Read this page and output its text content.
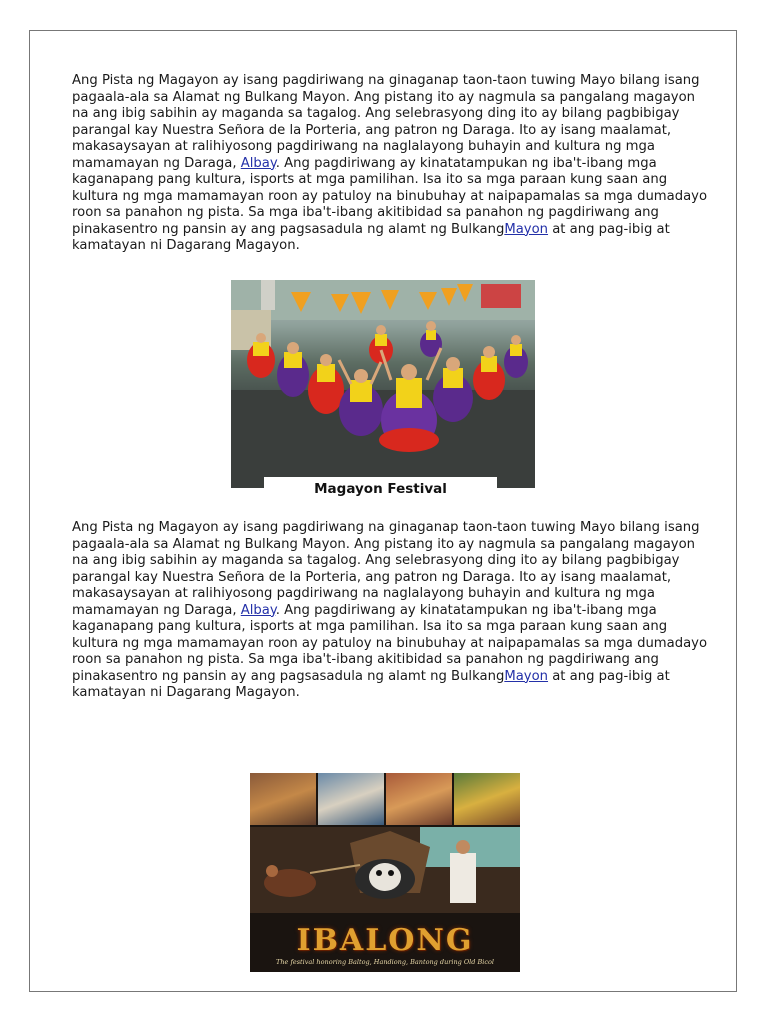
Ang Pista ng Magayon ay isang pagdiriwang na ginaganap taon-taon tuwing Mayo bilang isang pagaala-ala sa Alamat ng Bulkang Mayon. Ang pistang ito ay nagmula sa pangalang magayon na ang ibig sabihin ay maganda sa tagalog. Ang selebrasyong ding ito ay bilang pagbibigay parangal kay Nuestra Señora de la Porteria, ang patron ng Daraga. Ito ay isang maalamat, makasaysayan at ralihiyosong pagdiriwang na naglalayong buhayin and kultura ng mga mamamayan ng Daraga, Albay. Ang pagdiriwang ay kinatatampukan ng iba't-ibang mga kaganapang pang kultura, isports at mga pamilihan. Isa ito sa mga paraan kung saan ang kultura ng mga mamamayan roon ay patuloy na binubuhay at naipapamalas sa mga dumadayo roon sa panahon ng pista. Sa mga iba't-ibang akitibidad sa panahon ng pagdiriwang ang pinakasentro ng pansin ay ang pagsasadula ng alamt ng BulkangMayon at ang pag-ibig at kamatayan ni Dagarang Magayon.

Magayon Festival

Ang Pista ng Magayon ay isang pagdiriwang na ginaganap taon-taon tuwing Mayo bilang isang pagaala-ala sa Alamat ng Bulkang Mayon. Ang pistang ito ay nagmula sa pangalang magayon na ang ibig sabihin ay maganda sa tagalog. Ang selebrasyong ding ito ay bilang pagbibigay parangal kay Nuestra Señora de la Porteria, ang patron ng Daraga. Ito ay isang maalamat, makasaysayan at ralihiyosong pagdiriwang na naglalayong buhayin and kultura ng mga mamamayan ng Daraga, Albay. Ang pagdiriwang ay kinatatampukan ng iba't-ibang mga kaganapang pang kultura, isports at mga pamilihan. Isa ito sa mga paraan kung saan ang kultura ng mga mamamayan roon ay patuloy na binubuhay at naipapamalas sa mga dumadayo roon sa panahon ng pista. Sa mga iba't-ibang akitibidad sa panahon ng pagdiriwang ang pinakasentro ng pansin ay ang pagsasadula ng alamt ng BulkangMayon at ang pag-ibig at kamatayan ni Dagarang Magayon.

IBALONG
The festival honoring Baltog, Handiong, Bantong during Old Bicol
